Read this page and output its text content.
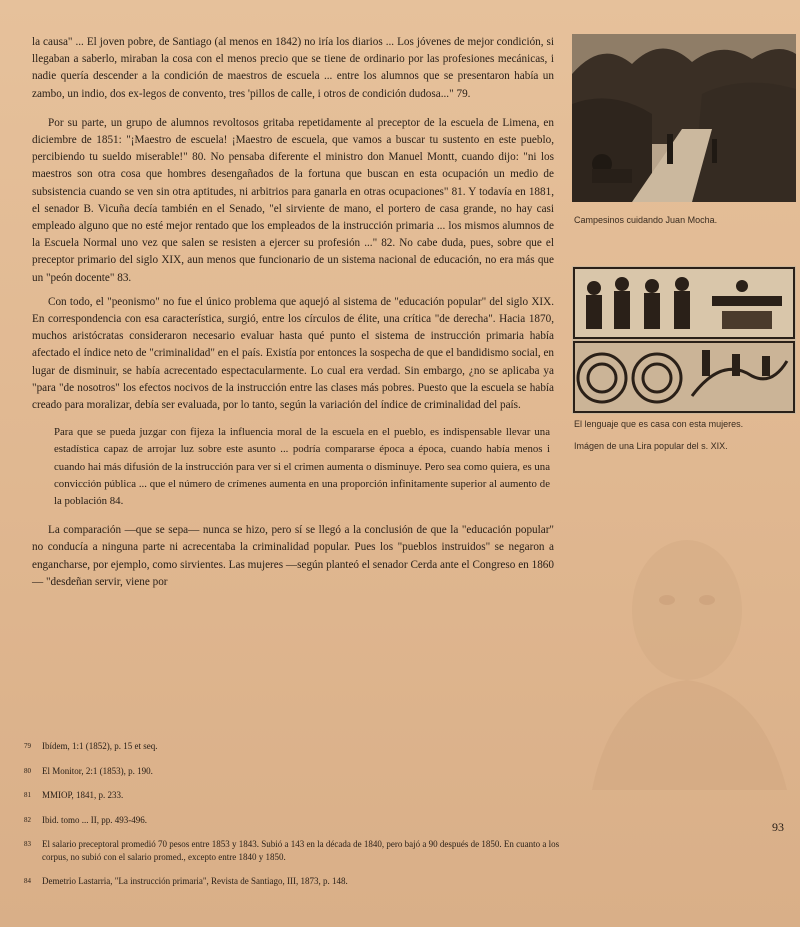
la causa" ... El joven pobre, de Santiago (al menos en 1842) no iría los diarios ... Los jóvenes de mejor condición, si llegaban a saberlo, miraban la cosa con el menos precio que se tiene de ordinario por las profesiones mecánicas, i nadie quería descender a la condición de maestros de escuela ... entre los alumnos que se presentaron había un zambo, un indio, dos ex-legos de convento, tres 'pillos de calle, i otros de condición dudosa..." 79.

Por su parte, un grupo de alumnos revoltosos gritaba repetidamente al preceptor de la escuela de Limena, en diciembre de 1851: "¡Maestro de escuela! ¡Maestro de escuela, que vamos a buscar tu sustento en este pueblo, percibiendo tu sueldo miserable!" 80. No pensaba diferente el ministro don Manuel Montt, cuando dijo: "ni los maestros son otra cosa que hombres desengañados de la fortuna que buscan en esta ocupación un medio de subsistencia cuando se ven sin otra aptitudes, ni arbitrios para ganarla en otras ocupaciones" 81. Y todavía en 1881, el senador B. Vicuña decía también en el Senado, "el sirviente de mano, el portero de casa grande, no hay casi empleado alguno que no esté mejor rentado que los empleados de la instrucción primaria ... los mismos alumnos de la Escuela Normal uno vez que salen se resisten a ejercer su profesión ..." 82. No cabe duda, pues, sobre que el preceptor primario del siglo XIX, aun menos que funcionario de un sistema nacional de educación, no era más que un "peón docente" 83.

Con todo, el "peonismo" no fue el único problema que aquejó al sistema de "educación popular" del siglo XIX. En correspondencia con esa característica, surgió, entre los círculos de élite, una crítica "de derecha". Hacia 1870, muchos aristócratas consideraron necesario evaluar hasta qué punto el sistema de instrucción primaria había afectado el índice neto de "criminalidad" en el país. Existía por entonces la sospecha de que el bandidismo social, en lugar de disminuir, se había acrecentado espectacularmente. Lo cual era verdad. Sin embargo, ¿no se aplicaba ya "para "de nosotros" los efectos nocivos de la instrucción entre las clases más pobres. Puesto que la escuela se había creado para moralizar, debía ser evaluada, por lo tanto, según la variación del índice de criminalidad del país.

Para que se pueda juzgar con fijeza la influencia moral de la escuela en el pueblo, es indispensable llevar una estadística capaz de arrojar luz sobre este asunto ... podría compararse época a época, cuando había menos i cuando hai más difusión de la instrucción para ver si el crimen aumenta o disminuye. Pero sea como quiera, es una convicción pública ... que el número de crímenes aumenta en una proporción infinitamente superior al aumento de la población 84.

La comparación —que se sepa— nunca se hizo, pero sí se llegó a la conclusión de que la "educación popular" no conducía a ninguna parte ni acrecentaba la criminalidad popular. Pues los "pueblos instruidos" se negaron a engancharse, por ejemplo, como sirvientes. Las mujeres —según planteó el senador Cerda ante el Congreso en 1860— "desdeñan servir, viene por

79	Ibídem, 1:1 (1852), p. 15 et seq.
80	El Monitor, 2:1 (1853), p. 190.
81	MMIOP, 1841, p. 233.
82	Ibid. tomo ... II, pp. 493-496.
83	El salario preceptoral promedió 70 pesos entre 1853 y 1843. Subió a 143 en la década de 1840, pero bajó a 90 después de 1850. En cuanto a los corpus, no subió con el salario promed., excepto entre 1840 y 1850.
84	Demetrio Lastarria, "La instrucción primaria", Revista de Santiago, III, 1873, p. 148.
Campesinos cuidando Juan Mocha.
El lenguaje que es casa con esta mujeres.
Imágen de una Lira popular del s. XIX.
93
